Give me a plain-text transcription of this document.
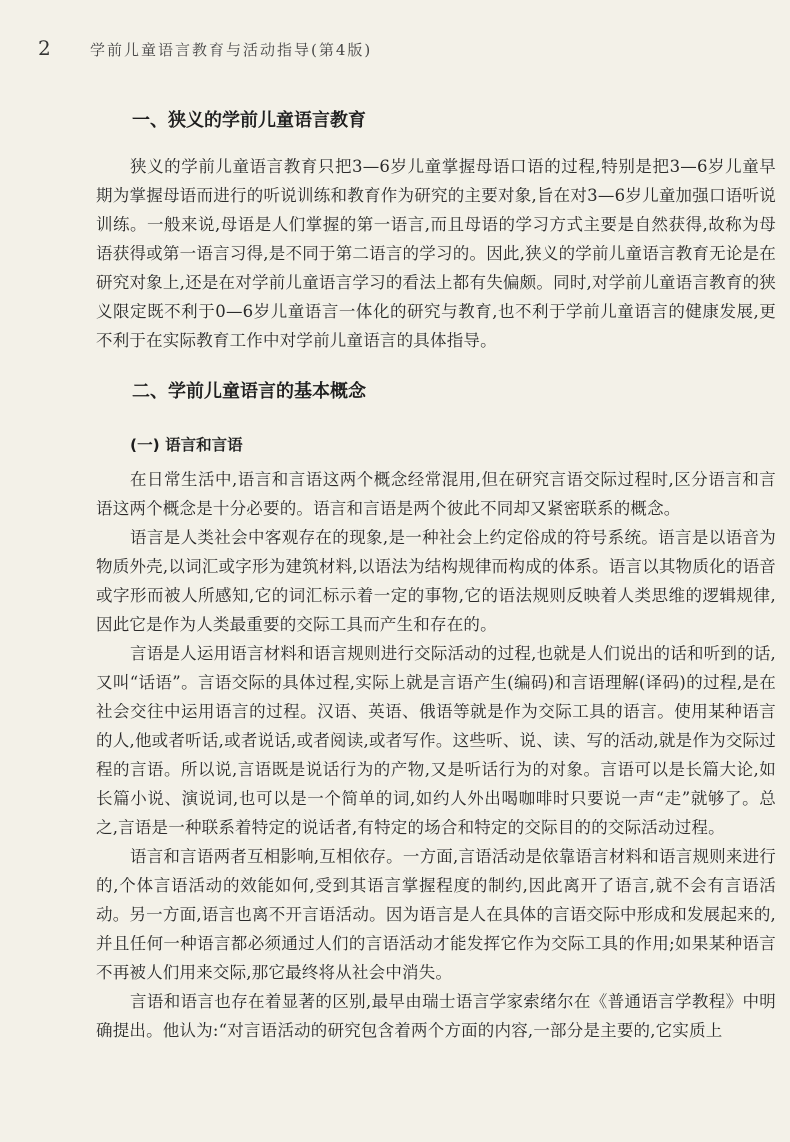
2	学前儿童语言教育与活动指导(第4版)
一、狭义的学前儿童语言教育

狭义的学前儿童语言教育只把3—6岁儿童掌握母语口语的过程,特别是把3—6岁儿童早期为掌握母语而进行的听说训练和教育作为研究的主要对象,旨在对3—6岁儿童加强口语听说训练。一般来说,母语是人们掌握的第一语言,而且母语的学习方式主要是自然获得,故称为母语获得或第一语言习得,是不同于第二语言的学习的。因此,狭义的学前儿童语言教育无论是在研究对象上,还是在对学前儿童语言学习的看法上都有失偏颇。同时,对学前儿童语言教育的狭义限定既不利于0—6岁儿童语言一体化的研究与教育,也不利于学前儿童语言的健康发展,更不利于在实际教育工作中对学前儿童语言的具体指导。

二、学前儿童语言的基本概念
(一) 语言和言语

在日常生活中,语言和言语这两个概念经常混用,但在研究言语交际过程时,区分语言和言语这两个概念是十分必要的。语言和言语是两个彼此不同却又紧密联系的概念。

语言是人类社会中客观存在的现象,是一种社会上约定俗成的符号系统。语言是以语音为物质外壳,以词汇或字形为建筑材料,以语法为结构规律而构成的体系。语言以其物质化的语音或字形而被人所感知,它的词汇标示着一定的事物,它的语法规则反映着人类思维的逻辑规律,因此它是作为人类最重要的交际工具而产生和存在的。

言语是人运用语言材料和语言规则进行交际活动的过程,也就是人们说出的话和听到的话,又叫“话语”。言语交际的具体过程,实际上就是言语产生(编码)和言语理解(译码)的过程,是在社会交往中运用语言的过程。汉语、英语、俄语等就是作为交际工具的语言。使用某种语言的人,他或者听话,或者说话,或者阅读,或者写作。这些听、说、读、写的活动,就是作为交际过程的言语。所以说,言语既是说话行为的产物,又是听话行为的对象。言语可以是长篇大论,如长篇小说、演说词,也可以是一个简单的词,如约人外出喝咖啡时只要说一声“走”就够了。总之,言语是一种联系着特定的说话者,有特定的场合和特定的交际目的的交际活动过程。

语言和言语两者互相影响,互相依存。一方面,言语活动是依靠语言材料和语言规则来进行的,个体言语活动的效能如何,受到其语言掌握程度的制约,因此离开了语言,就不会有言语活动。另一方面,语言也离不开言语活动。因为语言是人在具体的言语交际中形成和发展起来的,并且任何一种语言都必须通过人们的言语活动才能发挥它作为交际工具的作用;如果某种语言不再被人们用来交际,那它最终将从社会中消失。

言语和语言也存在着显著的区别,最早由瑞士语言学家索绪尔在《普通语言学教程》中明确提出。他认为:“对言语活动的研究包含着两个方面的内容,一部分是主要的,它实质上
